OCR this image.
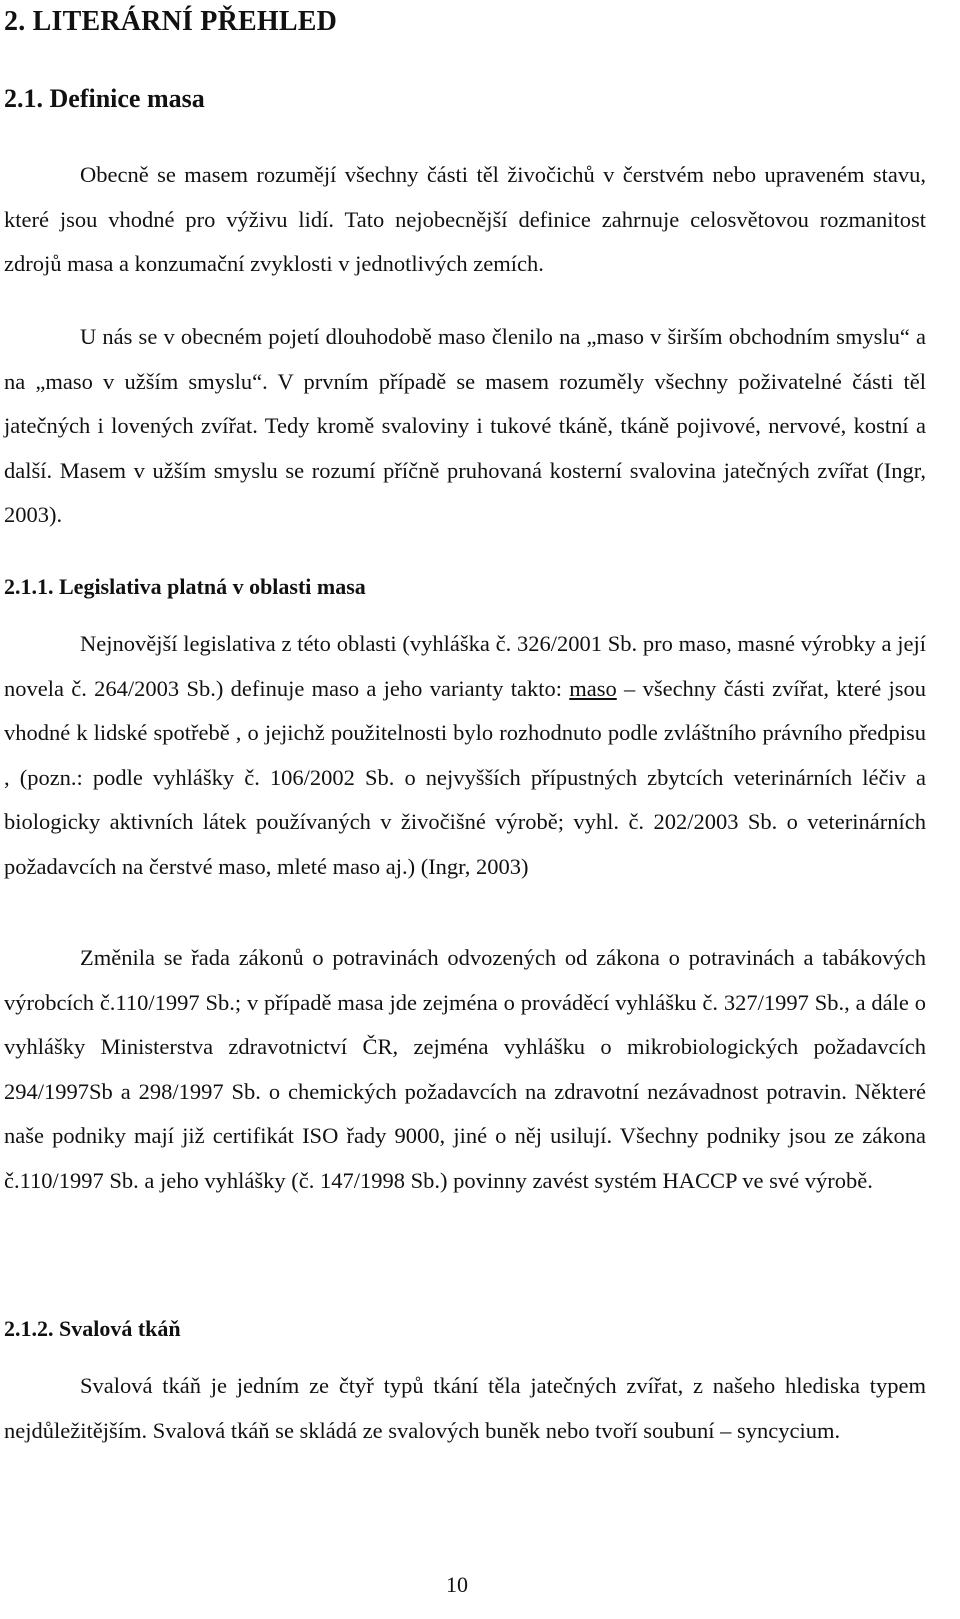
2. LITERÁRNÍ PŘEHLED
2.1. Definice masa

Obecně se masem rozumějí všechny části těl živočichů v čerstvém nebo upraveném stavu, které jsou vhodné pro výživu lidí. Tato nejobecnější definice zahrnuje celosvětovou rozmanitost zdrojů masa a konzumační zvyklosti v jednotlivých zemích.

U nás se v obecném pojetí dlouhodobě maso členilo na „maso v širším obchodním smyslu“ a na „maso v užším smyslu“. V prvním případě se masem rozuměly všechny poživatelné části těl jatečných i lovených zvířat. Tedy kromě svaloviny i tukové tkáně, tkáně pojivové, nervové, kostní a další. Masem v užším smyslu se rozumí příčně pruhovaná kosterní svalovina jatečných zvířat (Ingr, 2003).

2.1.1. Legislativa platná v oblasti masa

Nejnovější legislativa z této oblasti (vyhláška č. 326/2001 Sb. pro maso, masné výrobky a její novela č. 264/2003 Sb.) definuje maso a jeho varianty takto: maso – všechny části zvířat, které jsou vhodné k lidské spotřebě , o jejichž použitelnosti bylo rozhodnuto podle zvláštního právního předpisu , (pozn.: podle vyhlášky č. 106/2002 Sb. o nejvyšších přípustných zbytcích veterinárních léčiv a biologicky aktivních látek používaných v živočišné výrobě; vyhl. č. 202/2003 Sb. o veterinárních požadavcích na čerstvé maso, mleté maso aj.) (Ingr, 2003)

Změnila se řada zákonů o potravinách odvozených od zákona o potravinách a tabákových výrobcích č.110/1997 Sb.; v případě masa jde zejména o prováděcí vyhlášku č. 327/1997 Sb., a dále o vyhlášky Ministerstva zdravotnictví ČR, zejména vyhlášku o mikrobiologických požadavcích 294/1997Sb a 298/1997 Sb. o chemických požadavcích na zdravotní nezávadnost potravin. Některé naše podniky mají již certifikát ISO řady 9000, jiné o něj usilují. Všechny podniky jsou ze zákona č.110/1997 Sb. a jeho vyhlášky (č. 147/1998 Sb.) povinny zavést systém HACCP ve své výrobě.

2.1.2. Svalová tkáň

Svalová tkáň je jedním ze čtyř typů tkání těla jatečných zvířat, z našeho hlediska typem nejdůležitějším. Svalová tkáň se skládá ze svalových buněk nebo tvoří soubuní – syncycium.

10
